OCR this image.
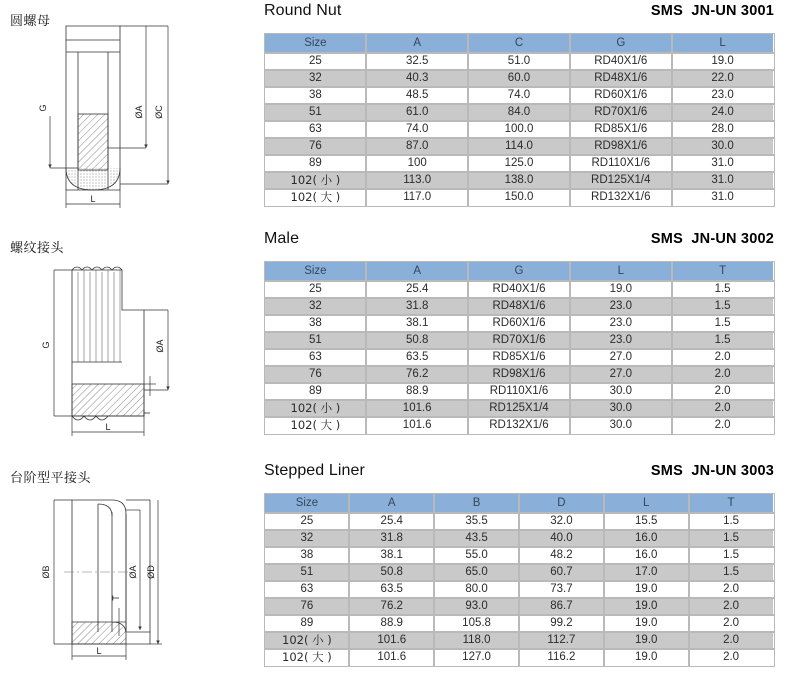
圆螺母
G	ØA ØC
L
Round Nut	SMS  JN-UN 3001
Size	A	C	G	L
25	32.5	51.0	RD40X1/6	19.0
32	40.3	60.0	RD48X1/6	22.0
38	48.5	74.0	RD60X1/6	23.0
51	61.0	84.0	RD70X1/6	24.0
63	74.0	100.0	RD85X1/6	28.0
76	87.0	114.0	RD98X1/6	30.0
89	100	125.0	RD110X1/6	31.0
102( 小 )	113.0	138.0	RD125X1/4	31.0
102( 大 )	117.0	150.0	RD132X1/6	31.0
螺纹接头
G	ØA
T
L
Male	SMS  JN-UN 3002
Size	A	G	L	T
25	25.4	RD40X1/6	19.0	1.5
32	31.8	RD48X1/6	23.0	1.5
38	38.1	RD60X1/6	23.0	1.5
51	50.8	RD70X1/6	23.0	1.5
63	63.5	RD85X1/6	27.0	2.0
76	76.2	RD98X1/6	27.0	2.0
89	88.9	RD110X1/6	30.0	2.0
102( 小 )	101.6	RD125X1/4	30.0	2.0
102( 大 )	101.6	RD132X1/6	30.0	2.0
台阶型平接头
ØB	ØA ØD
T
L
Stepped Liner	SMS  JN-UN 3003
Size	A	B	D	L	T
25	25.4	35.5	32.0	15.5	1.5
32	31.8	43.5	40.0	16.0	1.5
38	38.1	55.0	48.2	16.0	1.5
51	50.8	65.0	60.7	17.0	1.5
63	63.5	80.0	73.7	19.0	2.0
76	76.2	93.0	86.7	19.0	2.0
89	88.9	105.8	99.2	19.0	2.0
102( 小 )	101.6	118.0	112.7	19.0	2.0
102( 大 )	101.6	127.0	116.2	19.0	2.0
